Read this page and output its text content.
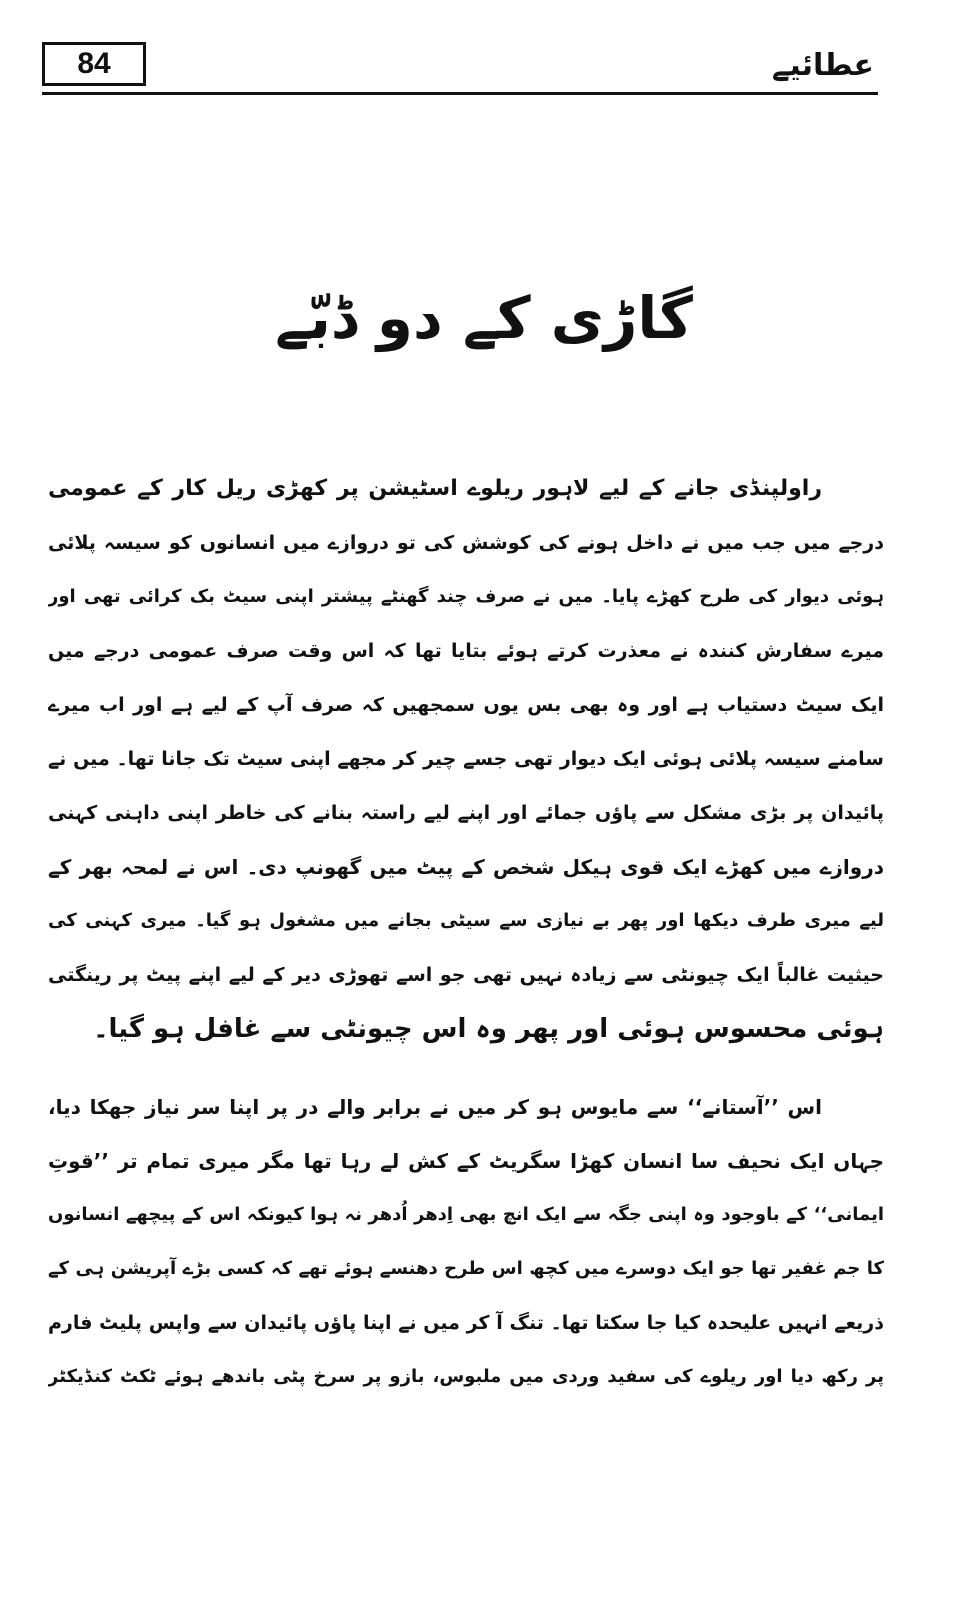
84	عطائیے
گاڑی کے دو ڈبّے
راولپنڈی جانے کے لیے لاہور ریلوے اسٹیشن پر کھڑی ریل کار کے عمومی
درجے میں جب میں نے داخل ہونے کی کوشش کی تو دروازے میں انسانوں کو سیسہ پلائی
ہوئی دیوار کی طرح کھڑے پایا۔ میں نے صرف چند گھنٹے پیشتر اپنی سیٹ بک کرائی تھی اور
میرے سفارش کنندہ نے معذرت کرتے ہوئے بتایا تھا کہ اس وقت صرف عمومی درجے میں
ایک سیٹ دستیاب ہے اور وہ بھی بس یوں سمجھیں کہ صرف آپ کے لیے ہے اور اب میرے
سامنے سیسہ پلائی ہوئی ایک دیوار تھی جسے چیر کر مجھے اپنی سیٹ تک جانا تھا۔ میں نے
پائیدان پر بڑی مشکل سے پاؤں جمائے اور اپنے لیے راستہ بنانے کی خاطر اپنی داہنی کہنی
دروازے میں کھڑے ایک قوی ہیکل شخص کے پیٹ میں گھونپ دی۔ اس نے لمحہ بھر کے
لیے میری طرف دیکھا اور پھر بے نیازی سے سیٹی بجانے میں مشغول ہو گیا۔ میری کہنی کی
حیثیت غالباً ایک چیونٹی سے زیادہ نہیں تھی جو اسے تھوڑی دیر کے لیے اپنے پیٹ پر رینگتی
ہوئی محسوس ہوئی اور پھر وہ اس چیونٹی سے غافل ہو گیا۔
اس ’’آستانے‘‘ سے مایوس ہو کر میں نے برابر والے در پر اپنا سر نیاز جھکا دیا،
جہاں ایک نحیف سا انسان کھڑا سگریٹ کے کش لے رہا تھا مگر میری تمام تر ’’قوتِ
ایمانی‘‘ کے باوجود وہ اپنی جگہ سے ایک انچ بھی اِدھر اُدھر نہ ہوا کیونکہ اس کے پیچھے انسانوں
کا جم غفیر تھا جو ایک دوسرے میں کچھ اس طرح دھنسے ہوئے تھے کہ کسی بڑے آپریشن ہی کے
ذریعے انہیں علیحدہ کیا جا سکتا تھا۔ تنگ آ کر میں نے اپنا پاؤں پائیدان سے واپس پلیٹ فارم
پر رکھ دیا اور ریلوے کی سفید وردی میں ملبوس، بازو پر سرخ پٹی باندھے ہوئے ٹکٹ کنڈیکٹر
